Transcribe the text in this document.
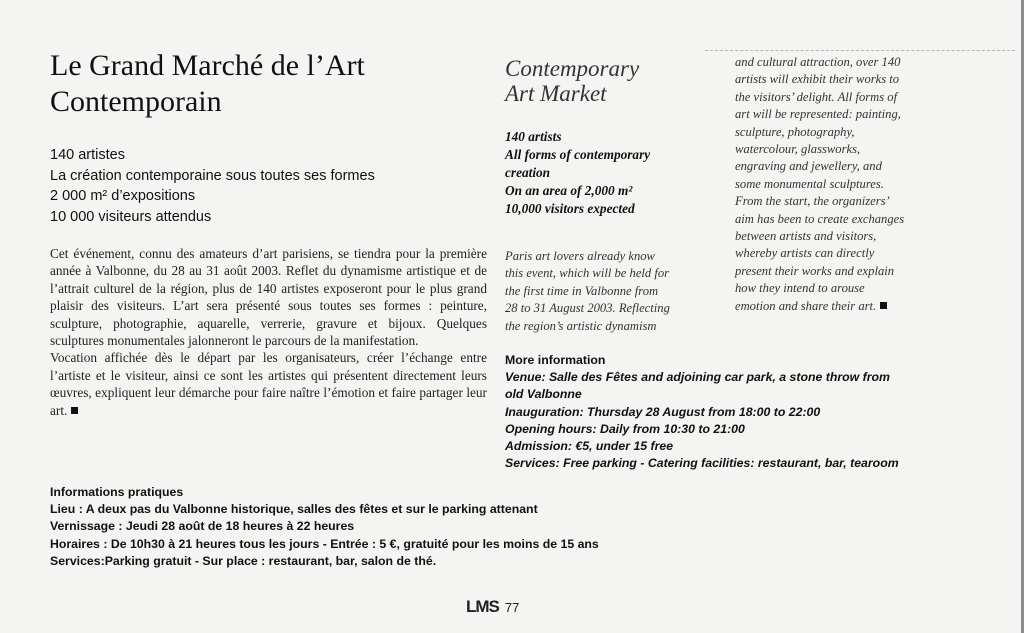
Le Grand Marché de l’Art
Contemporain
140 artistes
La création contemporaine sous toutes ses formes
2 000 m² d’expositions
10 000 visiteurs attendus

Cet événement, connu des amateurs d’art parisiens, se tiendra pour la première année à Valbonne, du 28 au 31 août 2003. Reflet du dynamisme artistique et de l’attrait culturel de la région, plus de 140 artistes exposeront pour le plus grand plaisir des visiteurs. L’art sera présenté sous toutes ses formes : peinture, sculpture, photographie, aquarelle, verrerie, gravure et bijoux. Quelques sculptures monumentales jalonneront le parcours de la manifestation.

Vocation affichée dès le départ par les organisateurs, créer l’échange entre l’artiste et le visiteur, ainsi ce sont les artistes qui présentent directement leurs œuvres, expliquent leur démarche pour faire naître l’émotion et faire partager leur art.

Informations pratiques
Lieu : A deux pas du Valbonne historique, salles des fêtes et sur le parking attenant
Vernissage : Jeudi 28 août de 18 heures à 22 heures
Horaires : De 10h30 à 21 heures tous les jours - Entrée : 5 €, gratuité pour les moins de 15 ans
Services:Parking gratuit - Sur place : restaurant, bar, salon de thé.
Contemporary
Art Market
140 artists
All forms of contemporary
creation
On an area of 2,000 m²
10,000 visitors expected
Paris art lovers already know
this event, which will be held for
the first time in Valbonne from
28 to 31 August 2003. Reflecting
the region’s artistic dynamism
and cultural attraction, over 140
artists will exhibit their works to
the visitors’ delight. All forms of
art will be represented: painting,
sculpture, photography,
watercolour, glassworks,
engraving and jewellery, and
some monumental sculptures.
From the start, the organizers’
aim has been to create exchanges
between artists and visitors,
whereby artists can directly
present their works and explain
how they intend to arouse
emotion and share their art.
More information
Venue: Salle des Fêtes and adjoining car park, a stone throw from
old Valbonne
Inauguration: Thursday 28 August from 18:00 to 22:00
Opening hours: Daily from 10:30 to 21:00
Admission: €5, under 15 free
Services: Free parking - Catering facilities: restaurant, bar, tearoom
LMS 77
